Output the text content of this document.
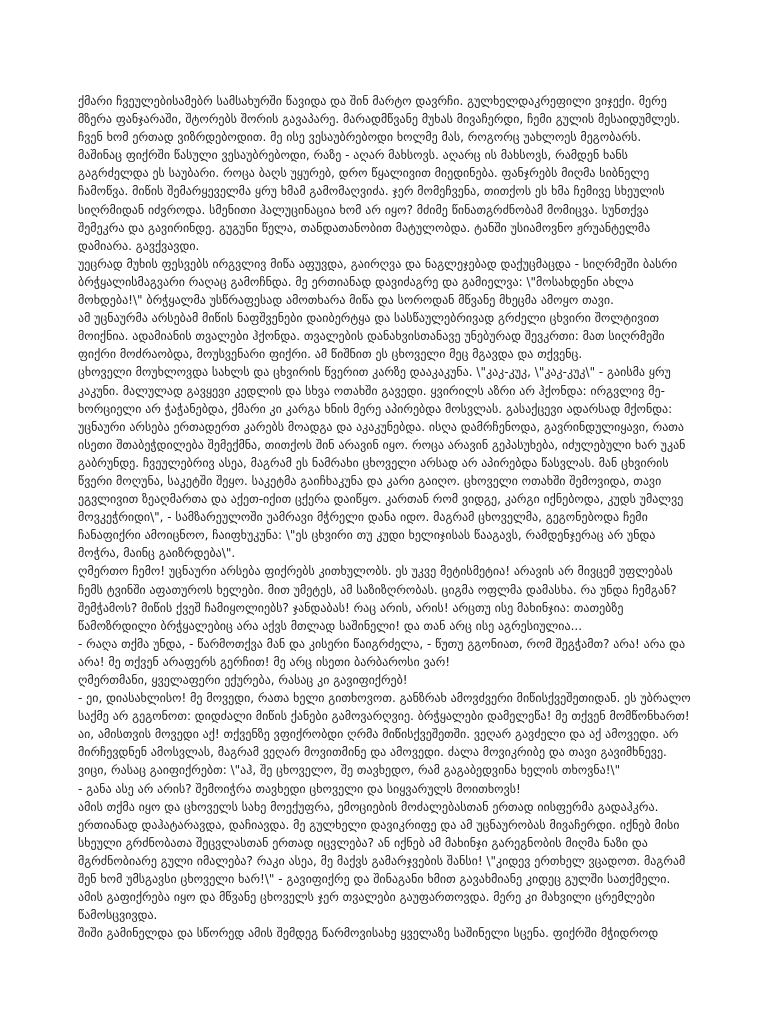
ქმარი ჩვეულებისამებრ სამსახურში წავიდა და შინ მარტო დავრჩი. გულხელდაკრეფილი ვიჯექი. მერე მზერა ფანჯარაში, შტორებს შორის გავაპარე. მარადმწვანე მუხას მივაჩერდი, ჩემი გულის მესაიდუმლეს. ჩვენ ხომ ერთად ვიზრდებოდით. მე ისე ვესაუბრებოდი ხოლმე მას, როგორც უახლოეს მეგობარს.

მაშინაც ფიქრში წასული ვესაუბრებოდი, რაზე - აღარ მახსოვს. აღარც ის მახსოვს, რამდენ ხანს გაგრძელდა ეს საუბარი. როცა ბაღს უყურებ, დრო წყალივით მიედინება. ფანჯრებს მიღმა სიბნელე ჩამოწვა. მიწის შემარყეველმა ყრუ ხმამ გამომაღვიძა. ჯერ მომეჩვენა, თითქოს ეს ხმა ჩემივე სხეულის სიღრმიდან იძვროდა. სმენითი ჰალუცინაცია ხომ არ იყო? მძიმე წინათგრძნობამ მომიცვა. სუნთქვა შემეკრა და გავირინდე. გუგუნი წელა, თანდათანობით მატულობდა. ტანში უსიამოვნო ჟრუანტელმა დამიარა. გავქვავდი.

უეცრად მუხის ფესვებს ირგვლივ მიწა აფუვდა, გაირღვა და ნაგლეჯებად დაქუცმაცდა - სიღრმეში ბასრი ბრჭყალისმაგვარი რაღაც გამოჩნდა. მე ერთიანად დავიძაგრე და გამიელვა: \"მოსახდენი ახლა მოხდება!\" ბრჭყალმა უსწრაფესად ამოთხარა მიწა და სოროდან მწვანე მხეცმა ამოყო თავი.

ამ უცნაურმა არსებამ მიწის ნაფშვენები დაიბერტყა და სასწაულებრივად გრძელი ცხვირი შოლტივით მოიქნია. ადამიანის თვალები ჰქონდა. თვალების დანახვისთანავე უნებურად შევკრთი: მათ სიღრმეში ფიქრი მოძრაობდა, მოუსვენარი ფიქრი. ამ წიშნით ეს ცხოველი მეც მგავდა და თქვენც.

ცხოველი მოუხლოვდა სახლს და ცხვირის წვერით კარზე დააკაკუნა. \"კაკ-კუკ, \"კაკ-კუკ\" - გაისმა ყრუ კაკუნი. მალულად გავყევი კედლის და სხვა ოთახში გავედი. ყვირილს აზრი არ ჰქონდა: ირგვლივ მე-ხორციელი არ ჭაჭანებდა, ქმარი კი კარგა ხნის მერე აპირებდა მოსვლას. გასაქცევი ადარსად მქონდა: უცნაური არსება ერთადერთ კარებს მოადგა და აკაკუნებდა. ისღა დამრჩენოდა, გავრინდულიყავი, რათა ისეთი შთაბეჭდილება შემექმნა, თითქოს შინ არავინ იყო. როცა არავინ გეპასუხება, იძულებული ხარ უკან გაბრუნდე. ჩვეულებრივ ასეა, მაგრამ ეს ნამრახი ცხოველი არსად არ აპირებდა წასვლას. მან ცხვირის წვერი მოღუნა, საკეტში შეყო. საკეტმა გაიჩხაკუნა და კარი გაიღო. ცხოველი ოთახში შემოვიდა, თავი ეგვლივით ზეაღმართა და აქეთ-იქით ცქერა დაიწყო. კართან რომ ვიდგე, კარგი იქნებოდა, კუდს უმალვე მოვკეჭრიდი\", - სამზარეულოში უამრავი მჭრელი დანა იდო. მაგრამ ცხოველმა, გეგონებოდა ჩემი ჩანაფიქრი ამოიცნოო, ჩაიფხუკუნა: \"ეს ცხვირი თუ კუდი ხელიჯისას წააგავს, რამდენჯერაც არ უნდა მოჭრა, მაინც გაიზრდება\".

ღმერთო ჩემო! უცნაური არსება ფიქრებს კითხულობს. ეს უკვე მეტისმეტია! არავის არ მივცემ უფლებას ჩემს ტვინში აფათუროს ხელები. მით უმეტეს, ამ საზიზღრობას. ციგმა ოფლმა დამასხა. რა უნდა ჩემგან? შემჭამოს? მიწის ქვეშ ჩამიყოლიებს? ჯანდაბას! რაც არის, არის! არცთუ ისე მახინჯია: თათებზე წამოზრდილი ბრჭყალებიც არა აქვს მთლად საშინელი! და თან არც ისე აგრესიულია...

- რაღა თქმა უნდა, - წარმოთქვა მან და კისერი წაიგრძელა, - წუთუ გგონიათ, რომ შეგჭამთ? არა! არა და არა! მე თქვენ არაფერს გერჩით! მე არც ისეთი ბარბაროსი ვარ!

ღმერთმანი, ყველაფერი ექურება, რასაც კი გავიფიქრებ!

- ეი, დიასახლისო! მე მოვედი, რათა ხელი გითხოვოთ. განზრახ ამოვძვერი მიწისქვეშეთიდან. ეს უბრალო საქმე არ გეგონოთ: დიდძალი მიწის ქანები გამოვარღვიე. ბრჭყალები დამელეწა! მე თქვენ მომწონხართ! აი, ამისთვის მოვედი აქ! თქვენზე ვფიქრობდი ღრმა მიწისქვეშეთში. ვეღარ გავძელი და აქ ამოვედი. არ მირჩევდნენ ამოსვლას, მაგრამ ვეღარ მოვითმინე და ამოვედი. ძალა მოვიკრიბე და თავი გავიმხნევე. ვიცი, რასაც გაიფიქრებთ: \"აჰ, შე ცხოველო, შე თავხედო, რამ გაგაბედვინა ხელის თხოვნა!\"

- განა ასე არ არის? შემოიჭრა თავხედი ცხოველი და სიყვარულს მოითხოვს!

ამის თქმა იყო და ცხოველს სახე მოექუფრა, ემოციების მოძალებასთან ერთად იისფერმა გადაჰკრა. ერთიანად დაჰატარავდა, დაჩიავდა. მე გულხელი დავიკრიფე და ამ უცნაურობას მივაჩერდი. იქნებ მისი სხეული გრძნობათა შეცვლასთან ერთად იცვლება? ან იქნებ ამ მახინჯი გარეგნობის მიღმა ნაზი და მგრძნობიარე გული იმალება? რაკი ასეა, მე მაქვს გამარჯვების შანსი! \"კიდევ ერთხელ ვცადოთ. მაგრამ შენ ხომ უმსგავსი ცხოველი ხარ!\" - გავიფიქრე და შინაგანი ხმით გავახმიანე კიდეც გულში სათქმელი. ამის გაფიქრება იყო და მწვანე ცხოველს ჯერ თვალები გაუფართოვდა. მერე კი მახვილი ცრემლები წამოსცვივდა.

შიში გამინელდა და სწორედ ამის შემდეგ წარმოვისახე ყველაზე საშინელი სცენა. ფიქრში მჭიდროდ
